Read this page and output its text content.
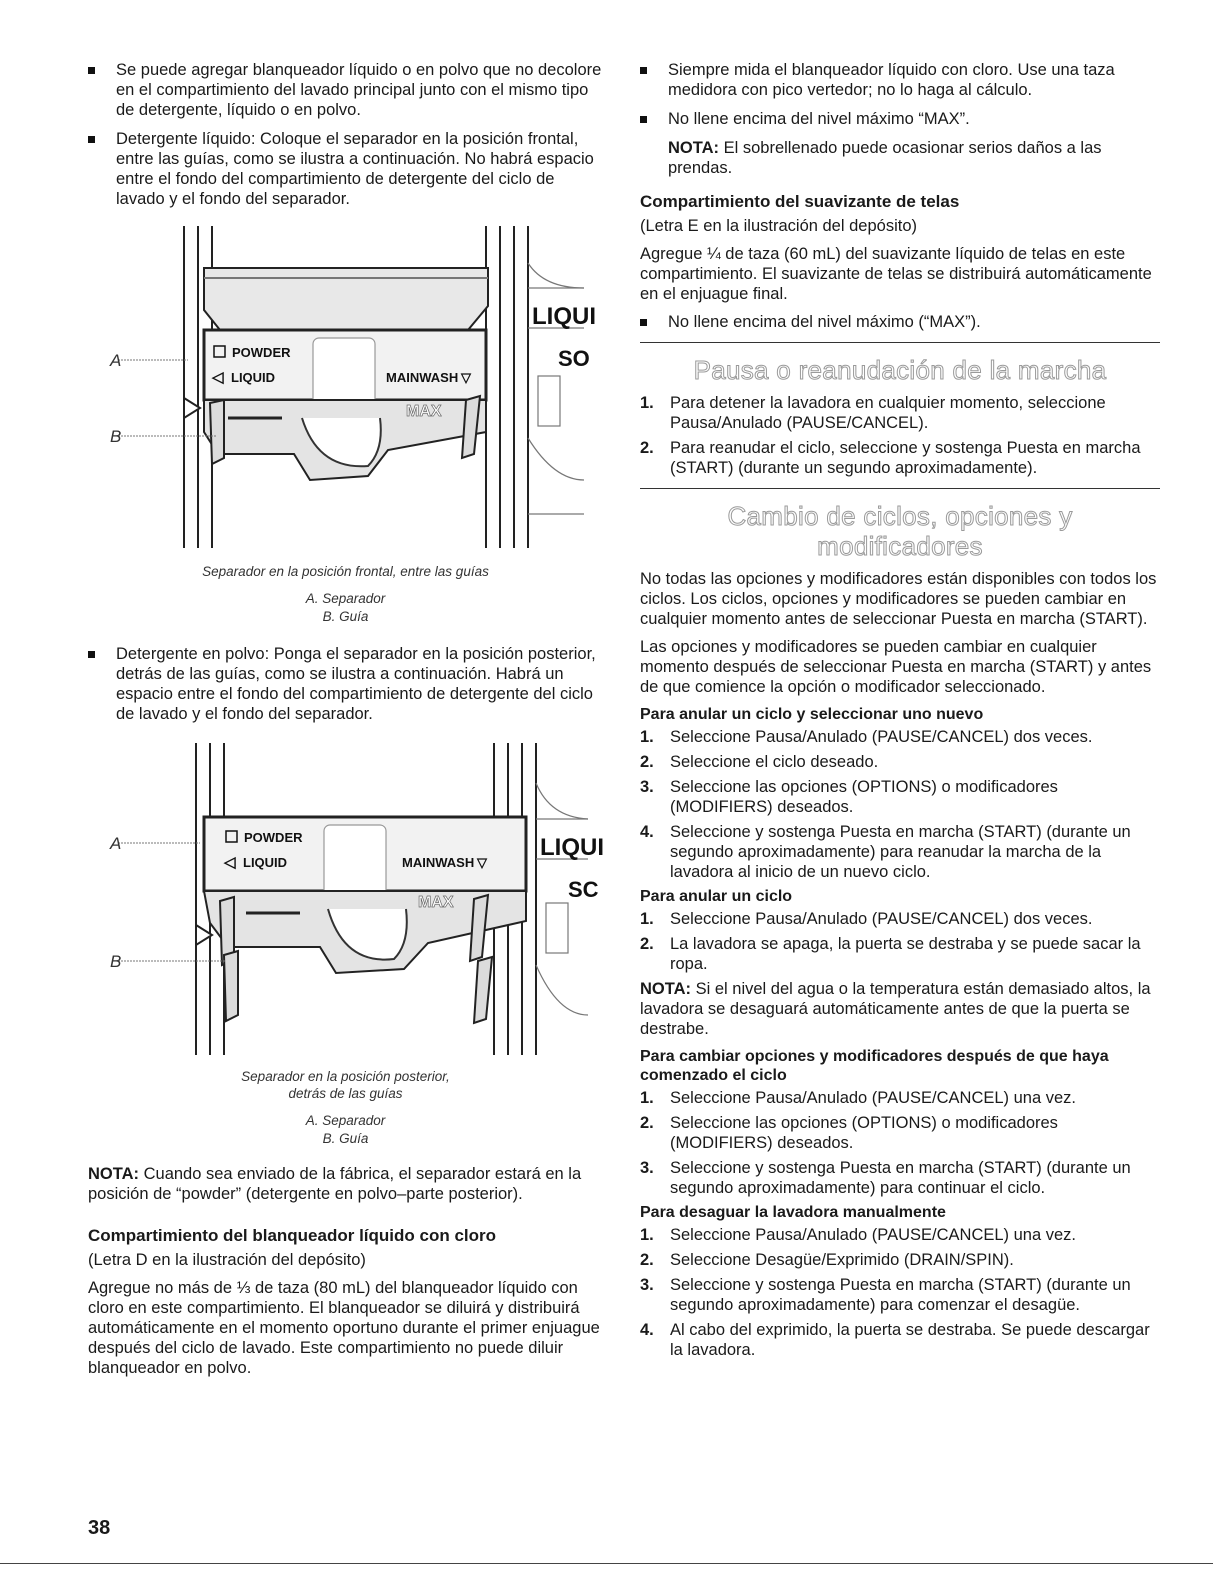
Se puede agregar blanqueador líquido o en polvo que no decolore en el compartimiento del lavado principal junto con el mismo tipo de detergente, líquido o en polvo.
Detergente líquido: Coloque el separador en la posición frontal, entre las guías, como se ilustra a continuación. No habrá espacio entre el fondo del compartimiento de detergente del ciclo de lavado y el fondo del separador.
POWDER
◁ LIQUID	MAINWASH ▽
MAX
LIQUI
SO
A
B
Separador en la posición frontal, entre las guías
A. Separador
B. Guía
Detergente en polvo: Ponga el separador en la posición posterior, detrás de las guías, como se ilustra a continuación. Habrá un espacio entre el fondo del compartimiento de detergente del ciclo de lavado y el fondo del separador.
POWDER
◁ LIQUID	MAINWASH ▽
MAX
LIQUI
SC
A
B
Separador en la posición posterior,
detrás de las guías
A. Separador
B. Guía

NOTA: Cuando sea enviado de la fábrica, el separador estará en la posición de “powder” (detergente en polvo–parte posterior).

Compartimiento del blanqueador líquido con cloro

(Letra D en la ilustración del depósito)

Agregue no más de ⅓ de taza (80 mL) del blanqueador líquido con cloro en este compartimiento. El blanqueador se diluirá y distribuirá automáticamente en el momento oportuno durante el primer enjuague después del ciclo de lavado. Este compartimiento no puede diluir blanqueador en polvo.

Siempre mida el blanqueador líquido con cloro. Use una taza medidora con pico vertedor; no lo haga al cálculo.
No llene encima del nivel máximo “MAX”.

NOTA: El sobrellenado puede ocasionar serios daños a las prendas.

Compartimiento del suavizante de telas

(Letra E en la ilustración del depósito)

Agregue ¼ de taza (60 mL) del suavizante líquido de telas en este compartimiento. El suavizante de telas se distribuirá automáticamente en el enjuague final.

No llene encima del nivel máximo (“MAX”).
Pausa o reanudación de la marcha
1. Para detener la lavadora en cualquier momento, seleccione Pausa/Anulado (PAUSE/CANCEL).
2. Para reanudar el ciclo, seleccione y sostenga Puesta en marcha (START) (durante un segundo aproximadamente).
Cambio de ciclos, opciones y
modificadores

No todas las opciones y modificadores están disponibles con todos los ciclos. Los ciclos, opciones y modificadores se pueden cambiar en cualquier momento antes de seleccionar Puesta en marcha (START).

Las opciones y modificadores se pueden cambiar en cualquier momento después de seleccionar Puesta en marcha (START) y antes de que comience la opción o modificador seleccionado.

Para anular un ciclo y seleccionar uno nuevo
1. Seleccione Pausa/Anulado (PAUSE/CANCEL) dos veces.
2. Seleccione el ciclo deseado.
3. Seleccione las opciones (OPTIONS) o modificadores (MODIFIERS) deseados.
4. Seleccione y sostenga Puesta en marcha (START) (durante un segundo aproximadamente) para reanudar la marcha de la lavadora al inicio de un nuevo ciclo.
Para anular un ciclo
1. Seleccione Pausa/Anulado (PAUSE/CANCEL) dos veces.
2. La lavadora se apaga, la puerta se destraba y se puede sacar la ropa.

NOTA: Si el nivel del agua o la temperatura están demasiado altos, la lavadora se desaguará automáticamente antes de que la puerta se destrabe.

Para cambiar opciones y modificadores después de que haya comenzado el ciclo
1. Seleccione Pausa/Anulado (PAUSE/CANCEL) una vez.
2. Seleccione las opciones (OPTIONS) o modificadores (MODIFIERS) deseados.
3. Seleccione y sostenga Puesta en marcha (START) (durante un segundo aproximadamente) para continuar el ciclo.
Para desaguar la lavadora manualmente
1. Seleccione Pausa/Anulado (PAUSE/CANCEL) una vez.
2. Seleccione Desagüe/Exprimido (DRAIN/SPIN).
3. Seleccione y sostenga Puesta en marcha (START) (durante un segundo aproximadamente) para comenzar el desagüe.
4. Al cabo del exprimido, la puerta se destraba. Se puede descargar la lavadora.
38
